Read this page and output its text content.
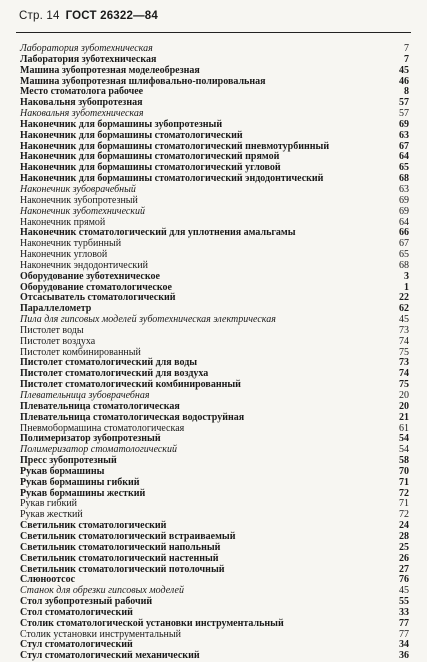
Стр. 14 ГОСТ 26322—84
Лаборатория зуботехническая	7
Лаборатория зуботехническая	7
Машина зубопротезная моделеобрезная	45
Машина зубопротезная шлифовально-полировальная	46
Место стоматолога рабочее	8
Наковальня зубопротезная	57
Наковальня зуботехническая	57
Наконечник для бормашины зубопротезный	69
Наконечник для бормашины стоматологический	63
Наконечник для бормашины стоматологический пневмотурбинный	67
Наконечник для бормашины стоматологический прямой	64
Наконечник для бормашины стоматологический угловой	65
Наконечник для бормашины стоматологический эндодонтический	68
Наконечник зубоврачебный	63
Наконечник зубопротезный	69
Наконечник зуботехнический	69
Наконечник прямой	64
Наконечник стоматологический для уплотнения амальгамы	66
Наконечник турбинный	67
Наконечник угловой	65
Наконечник эндодонтический	68
Оборудование зуботехническое	3
Оборудование стоматологическое	1
Отсасыватель стоматологический	22
Параллелометр	62
Пила для гипсовых моделей зуботехническая электрическая	45
Пистолет воды	73
Пистолет воздуха	74
Пистолет комбинированный	75
Пистолет стоматологический для воды	73
Пистолет стоматологический для воздуха	74
Пистолет стоматологический комбинированный	75
Плевательница зубоврачебная	20
Плевательница стоматологическая	20
Плевательница стоматологическая водоструйная	21
Пневмобормашина стоматологическая	61
Полимеризатор зубопротезный	54
Полимеризатор стоматологический	54
Пресс зубопротезный	58
Рукав бормашины	70
Рукав бормашины гибкий	71
Рукав бормашины жесткий	72
Рукав гибкий	71
Рукав жесткий	72
Светильник стоматологический	24
Светильник стоматологический встраиваемый	28
Светильник стоматологический напольный	25
Светильник стоматологический настенный	26
Светильник стоматологический потолочный	27
Слюноотсос	76
Станок для обрезки гипсовых моделей	45
Стол зубопротезный рабочий	55
Стол стоматологический	33
Столик стоматологической установки инструментальный	77
Столик установки инструментальный	77
Стул стоматологический	34
Стул стоматологический механический	36
